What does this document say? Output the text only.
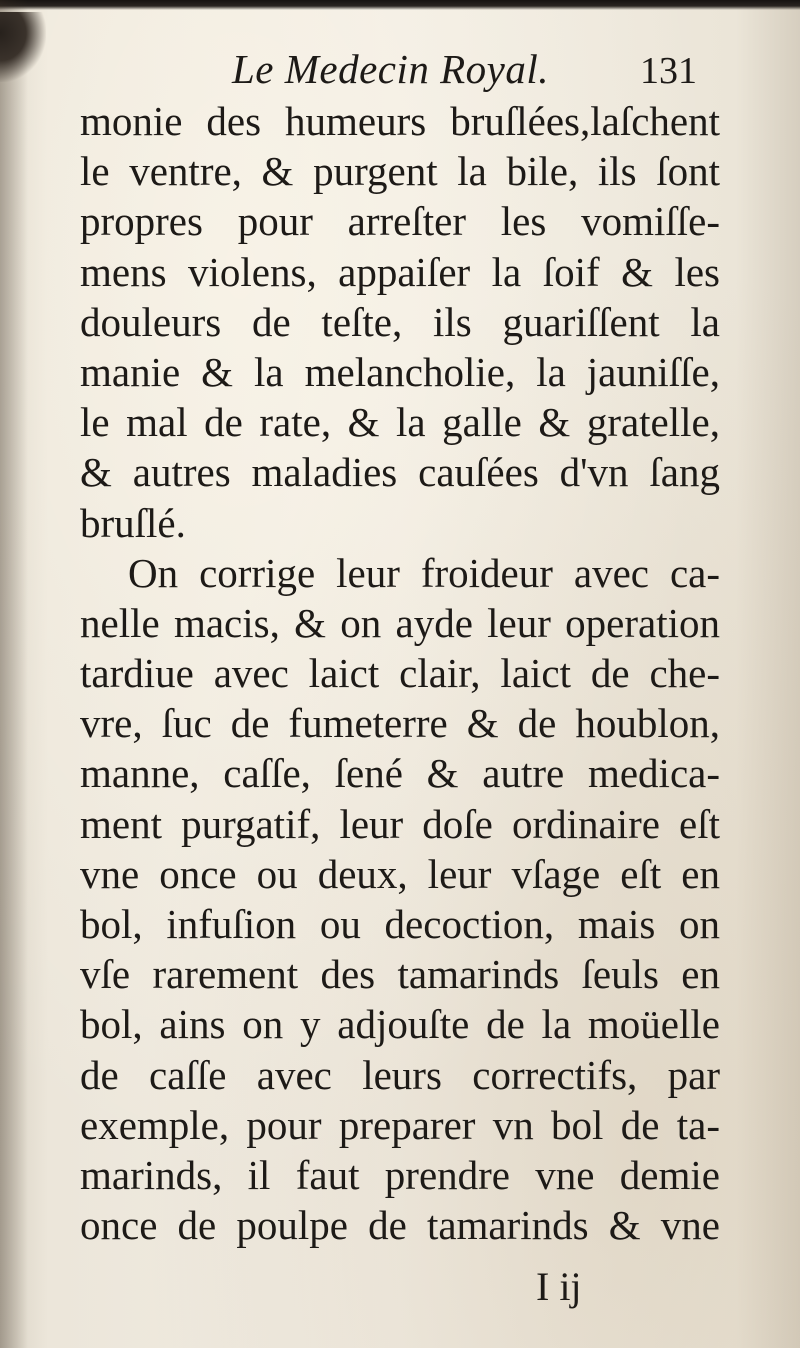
Le Medecin Royal. 131
monie des humeurs bruſlées,laſchent
le ventre, & purgent la bile, ils ſont
propres pour arreſter les vomiſſe-
mens violens, appaiſer la ſoif & les
douleurs de teſte, ils guariſſent la
manie & la melancholie, la jauniſſe,
le mal de rate, & la galle & gratelle,
& autres maladies cauſées d'vn ſang
bruſlé.
On corrige leur froideur avec ca-
nelle macis, & on ayde leur operation
tardiue avec laict clair, laict de che-
vre, ſuc de fumeterre & de houblon,
manne, caſſe, ſené & autre medica-
ment purgatif, leur doſe ordinaire eſt
vne once ou deux, leur vſage eſt en
bol, infuſion ou decoction, mais on
vſe rarement des tamarinds ſeuls en
bol, ains on y adjouſte de la moüelle
de caſſe avec leurs correctifs, par
exemple, pour preparer vn bol de ta-
marinds, il faut prendre vne demie
once de poulpe de tamarinds & vne
I ij
